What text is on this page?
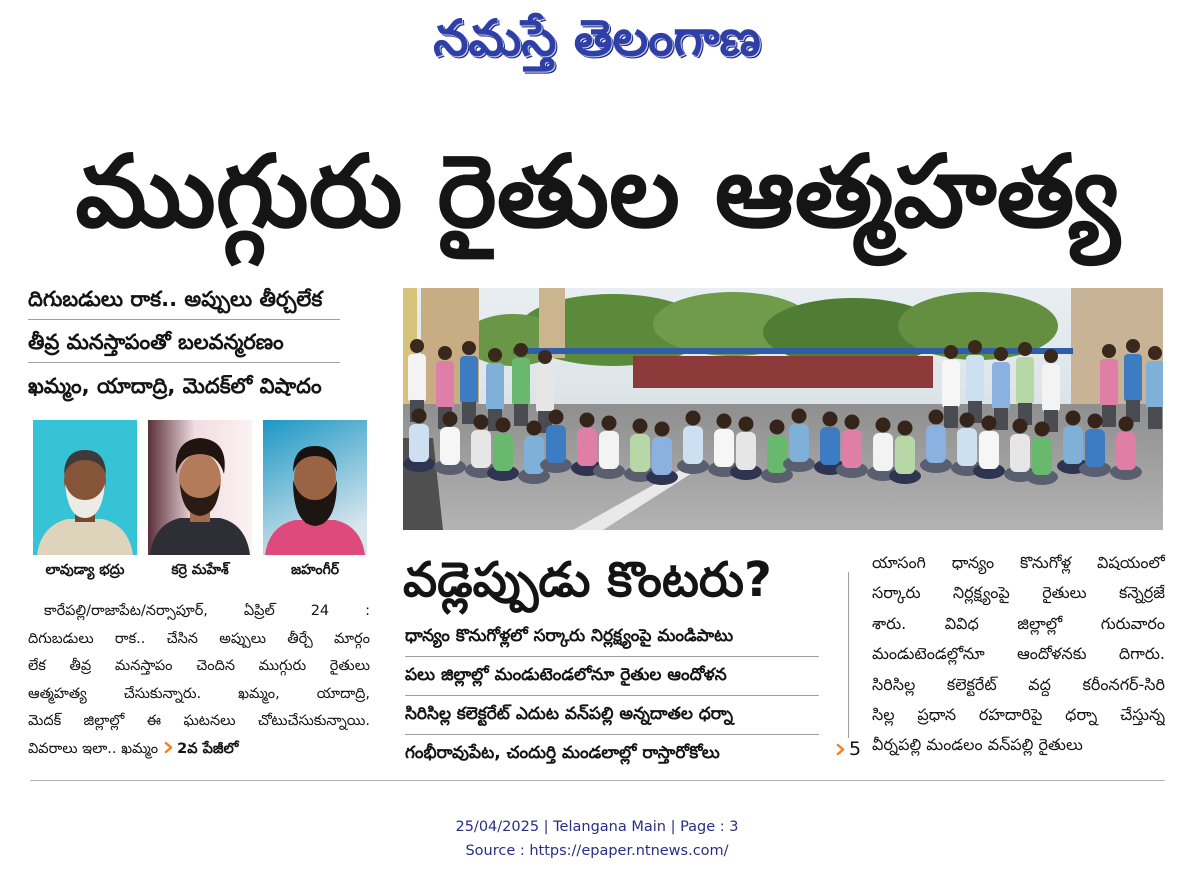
నమస్తే తెలంగాణ
ముగ్గురు రైతుల ఆత్మహత్య
దిగుబడులు రాక.. అప్పులు తీర్చలేక
తీవ్ర మనస్తాపంతో బలవన్మరణం
ఖమ్మం, యాదాద్రి, మెదక్‌లో విషాదం
లావుడ్యా భద్రు	కర్రె మహేశ్	జహంగీర్
కారేపల్లి/రాజాపేట/నర్సాపూర్, ఏప్రిల్ 24 :
దిగుబడులు రాక.. చేసిన అప్పులు తీర్చే మార్గం
లేక తీవ్ర మనస్తాపం చెందిన ముగ్గురు రైతులు
ఆత్మహత్య చేసుకున్నారు. ఖమ్మం, యాదాద్రి,
మెదక్ జిల్లాల్లో ఈ ఘటనలు చోటుచేసుకున్నాయి.
వివరాలు ఇలా.. ఖమ్మం 2వ పేజీలో
వడ్లెప్పుడు కొంటరు?
ధాన్యం కొనుగోళ్లలో సర్కారు నిర్లక్ష్యంపై మండిపాటు
పలు జిల్లాల్లో మండుటెండలోనూ రైతుల ఆందోళన
సిరిసిల్ల కలెక్టరేట్ ఎదుట వన్‌పల్లి అన్నదాతల ధర్నా
గంభీరావుపేట, చందుర్తి మండలాల్లో రాస్తారోకోలు	5
యాసంగి ధాన్యం కొనుగోళ్ల విషయంలో
సర్కారు నిర్లక్ష్యంపై రైతులు కన్నెర్రజే
శారు. వివిధ జిల్లాల్లో గురువారం
మండుటెండల్లోనూ ఆందోళనకు దిగారు.
సిరిసిల్ల కలెక్టరేట్ వద్ద కరీంనగర్-సిరి
సిల్ల ప్రధాన రహదారిపై ధర్నా చేస్తున్న
వీర్నపల్లి మండలం వన్‌పల్లి రైతులు
25/04/2025 | Telangana Main | Page : 3
Source : https://epaper.ntnews.com/
